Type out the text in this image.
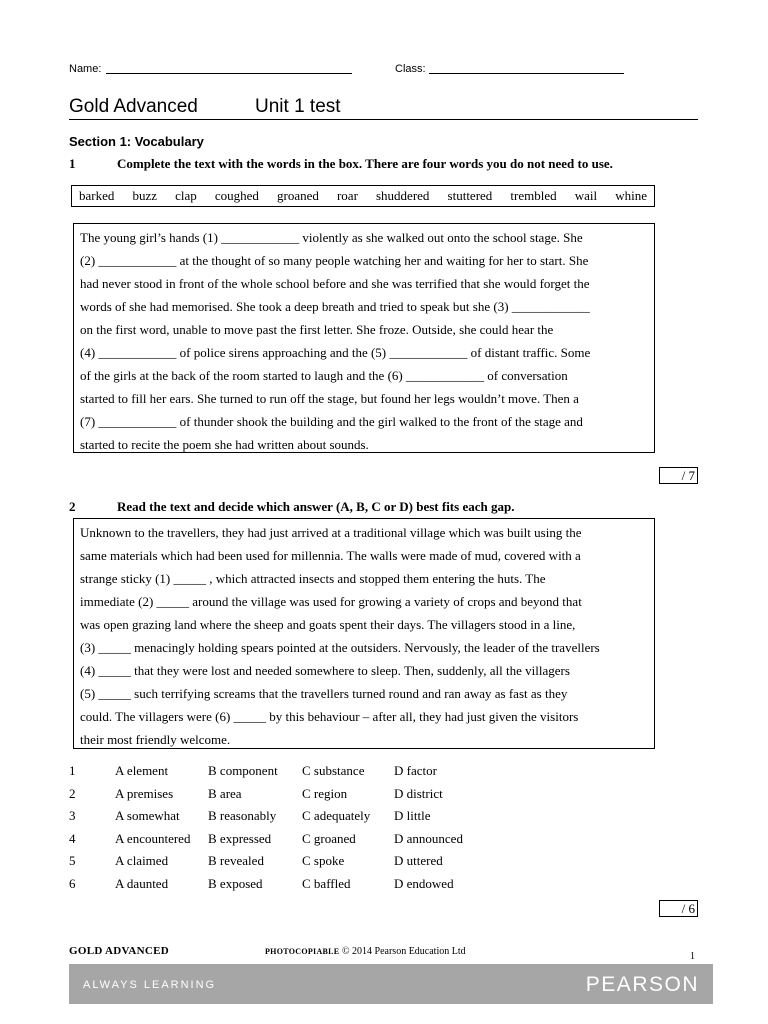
Name:	Class:
Gold Advanced	Unit 1 test
Section 1: Vocabulary
1	Complete the text with the words in the box. There are four words you do not need to use.
barked buzz clap coughed groaned roar shuddered stuttered trembled wail whine

The young girl’s hands (1) ____________ violently as she walked out onto the school stage. She

(2) ____________ at the thought of so many people watching her and waiting for her to start. She

had never stood in front of the whole school before and she was terrified that she would forget the

words of she had memorised. She took a deep breath and tried to speak but she (3) ____________

on the first word, unable to move past the first letter. She froze. Outside, she could hear the

(4) ____________ of police sirens approaching and the (5) ____________ of distant traffic. Some

of the girls at the back of the room started to laugh and the (6) ____________ of conversation

started to fill her ears. She turned to run off the stage, but found her legs wouldn’t move. Then a

(7) ____________ of thunder shook the building and the girl walked to the front of the stage and

started to recite the poem she had written about sounds.

/ 7
2	Read the text and decide which answer (A, B, C or D) best fits each gap.

Unknown to the travellers, they had just arrived at a traditional village which was built using the

same materials which had been used for millennia. The walls were made of mud, covered with a

strange sticky (1) _____ , which attracted insects and stopped them entering the huts. The

immediate (2) _____ around the village was used for growing a variety of crops and beyond that

was open grazing land where the sheep and goats spent their days. The villagers stood in a line,

(3) _____ menacingly holding spears pointed at the outsiders. Nervously, the leader of the travellers

(4) _____ that they were lost and needed somewhere to sleep. Then, suddenly, all the villagers

(5) _____ such terrifying screams that the travellers turned round and ran away as fast as they

could. The villagers were (6) _____ by this behaviour – after all, they had just given the visitors

their most friendly welcome.

1	A element	B component C substance D factor
2	A premises	B area	C region	D district
3	A somewhat B reasonably C adequately D little
4	A encountered B expressed C groaned	D announced
5	A claimed	B revealed	C spoke	D uttered
6	A daunted	B exposed	C baffled	D endowed
/ 6
GOLD ADVANCED	PHOTOCOPIABLE © 2014 Pearson Education Ltd	1
ALWAYS LEARNING	PEARSON
